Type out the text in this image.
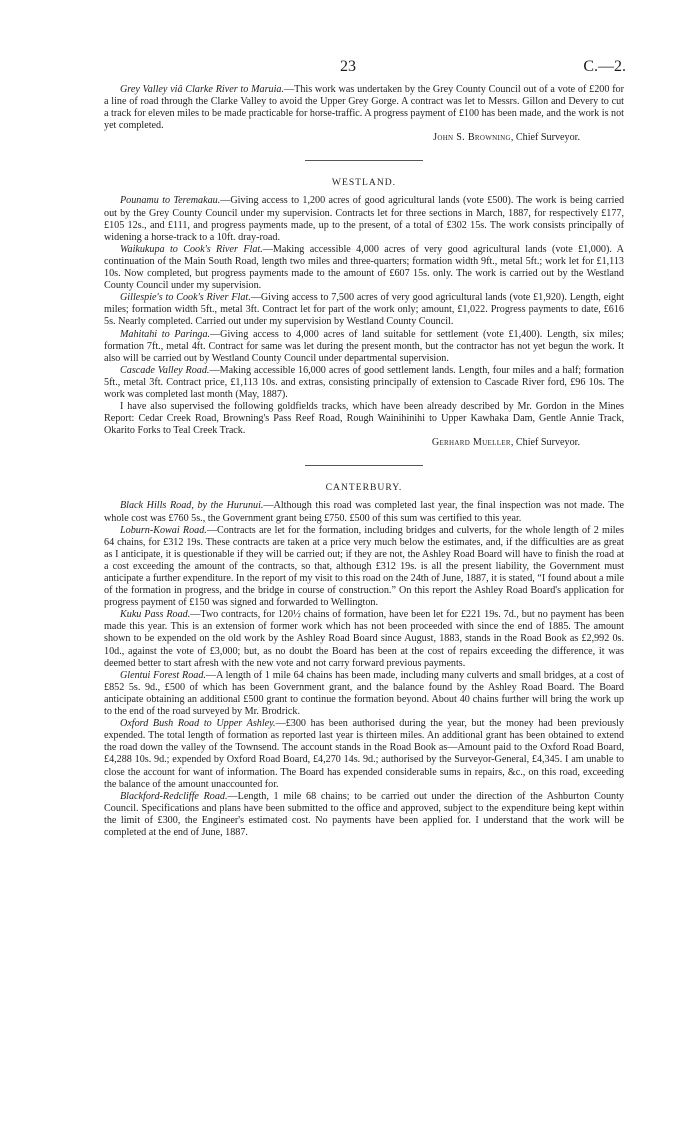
23	C.—2.

Grey Valley viâ Clarke River to Maruia.—This work was undertaken by the Grey County Council out of a vote of £200 for a line of road through the Clarke Valley to avoid the Upper Grey Gorge. A contract was let to Messrs. Gillon and Devery to cut a track for eleven miles to be made practicable for horse-traffic. A progress payment of £100 has been made, and the work is not yet completed.

John S. Browning, Chief Surveyor.
WESTLAND.

Pounamu to Teremakau.—Giving access to 1,200 acres of good agricultural lands (vote £500). The work is being carried out by the Grey County Council under my supervision. Contracts let for three sections in March, 1887, for respectively £177, £105 12s., and £111, and progress payments made, up to the present, of a total of £302 15s. The work consists principally of widening a horse-track to a 10ft. dray-road.

Waikukupa to Cook's River Flat.—Making accessible 4,000 acres of very good agricultural lands (vote £1,000). A continuation of the Main South Road, length two miles and three-quarters; formation width 9ft., metal 5ft.; work let for £1,113 10s. Now completed, but progress payments made to the amount of £607 15s. only. The work is carried out by the Westland County Council under my supervision.

Gillespie's to Cook's River Flat.—Giving access to 7,500 acres of very good agricultural lands (vote £1,920). Length, eight miles; formation width 5ft., metal 3ft. Contract let for part of the work only; amount, £1,022. Progress payments to date, £616 5s. Nearly completed. Carried out under my supervision by Westland County Council.

Mahitahi to Paringa.—Giving access to 4,000 acres of land suitable for settlement (vote £1,400). Length, six miles; formation 7ft., metal 4ft. Contract for same was let during the present month, but the contractor has not yet begun the work. It also will be carried out by Westland County Council under departmental supervision.

Cascade Valley Road.—Making accessible 16,000 acres of good settlement lands. Length, four miles and a half; formation 5ft., metal 3ft. Contract price, £1,113 10s. and extras, consisting principally of extension to Cascade River ford, £96 10s. The work was completed last month (May, 1887).

I have also supervised the following goldfields tracks, which have been already described by Mr. Gordon in the Mines Report: Cedar Creek Road, Browning's Pass Reef Road, Rough Wainihinihi to Upper Kawhaka Dam, Gentle Annie Track, Okarito Forks to Teal Creek Track.

Gerhard Mueller, Chief Surveyor.
CANTERBURY.

Black Hills Road, by the Hurunui.—Although this road was completed last year, the final inspection was not made. The whole cost was £760 5s., the Government grant being £750. £500 of this sum was certified to this year.

Loburn-Kowai Road.—Contracts are let for the formation, including bridges and culverts, for the whole length of 2 miles 64 chains, for £312 19s. These contracts are taken at a price very much below the estimates, and, if the difficulties are as great as I anticipate, it is questionable if they will be carried out; if they are not, the Ashley Road Board will have to finish the road at a cost exceeding the amount of the contracts, so that, although £312 19s. is all the present liability, the Government must anticipate a further expenditure. In the report of my visit to this road on the 24th of June, 1887, it is stated, “I found about a mile of the formation in progress, and the bridge in course of construction.” On this report the Ashley Road Board's application for progress payment of £150 was signed and forwarded to Wellington.

Kuku Pass Road.—Two contracts, for 120½ chains of formation, have been let for £221 19s. 7d., but no payment has been made this year. This is an extension of former work which has not been proceeded with since the end of 1885. The amount shown to be expended on the old work by the Ashley Road Board since August, 1883, stands in the Road Book as £2,992 0s. 10d., against the vote of £3,000; but, as no doubt the Board has been at the cost of repairs exceeding the difference, it was deemed better to start afresh with the new vote and not carry forward previous payments.

Glentui Forest Road.—A length of 1 mile 64 chains has been made, including many culverts and small bridges, at a cost of £852 5s. 9d., £500 of which has been Government grant, and the balance found by the Ashley Road Board. The Board anticipate obtaining an additional £500 grant to continue the formation beyond. About 40 chains further will bring the work up to the end of the road surveyed by Mr. Brodrick.

Oxford Bush Road to Upper Ashley.—£300 has been authorised during the year, but the money had been previously expended. The total length of formation as reported last year is thirteen miles. An additional grant has been obtained to extend the road down the valley of the Townsend. The account stands in the Road Book as—Amount paid to the Oxford Road Board, £4,288 10s. 9d.; expended by Oxford Road Board, £4,270 14s. 9d.; authorised by the Surveyor-General, £4,345. I am unable to close the account for want of information. The Board has expended considerable sums in repairs, &c., on this road, exceeding the balance of the amount unaccounted for.

Blackford-Redcliffe Road.—Length, 1 mile 68 chains; to be carried out under the direction of the Ashburton County Council. Specifications and plans have been submitted to the office and approved, subject to the expenditure being kept within the limit of £300, the Engineer's estimated cost. No payments have been applied for. I understand that the work will be completed at the end of June, 1887.
